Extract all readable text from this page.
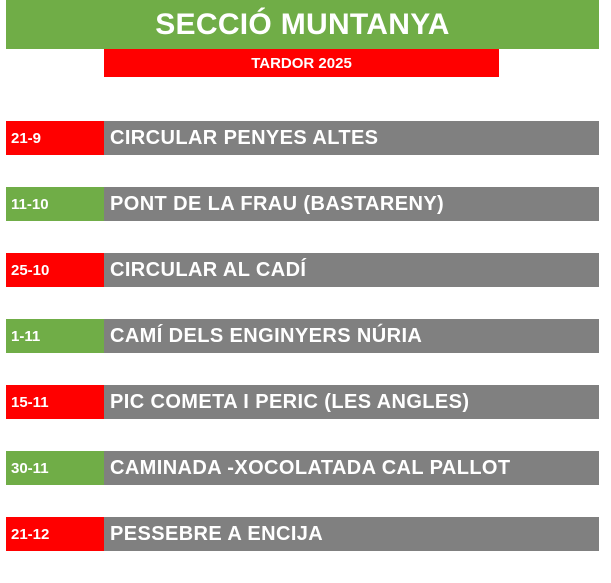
SECCIÓ MUNTANYA
TARDOR 2025
21-9	CIRCULAR PENYES ALTES
11-10	PONT DE LA FRAU (BASTARENY)
25-10	CIRCULAR AL CADÍ
1-11	CAMÍ DELS ENGINYERS NÚRIA
15-11	PIC COMETA I PERIC (LES ANGLES)
30-11	CAMINADA -XOCOLATADA CAL PALLOT
21-12	PESSEBRE A ENCIJA
